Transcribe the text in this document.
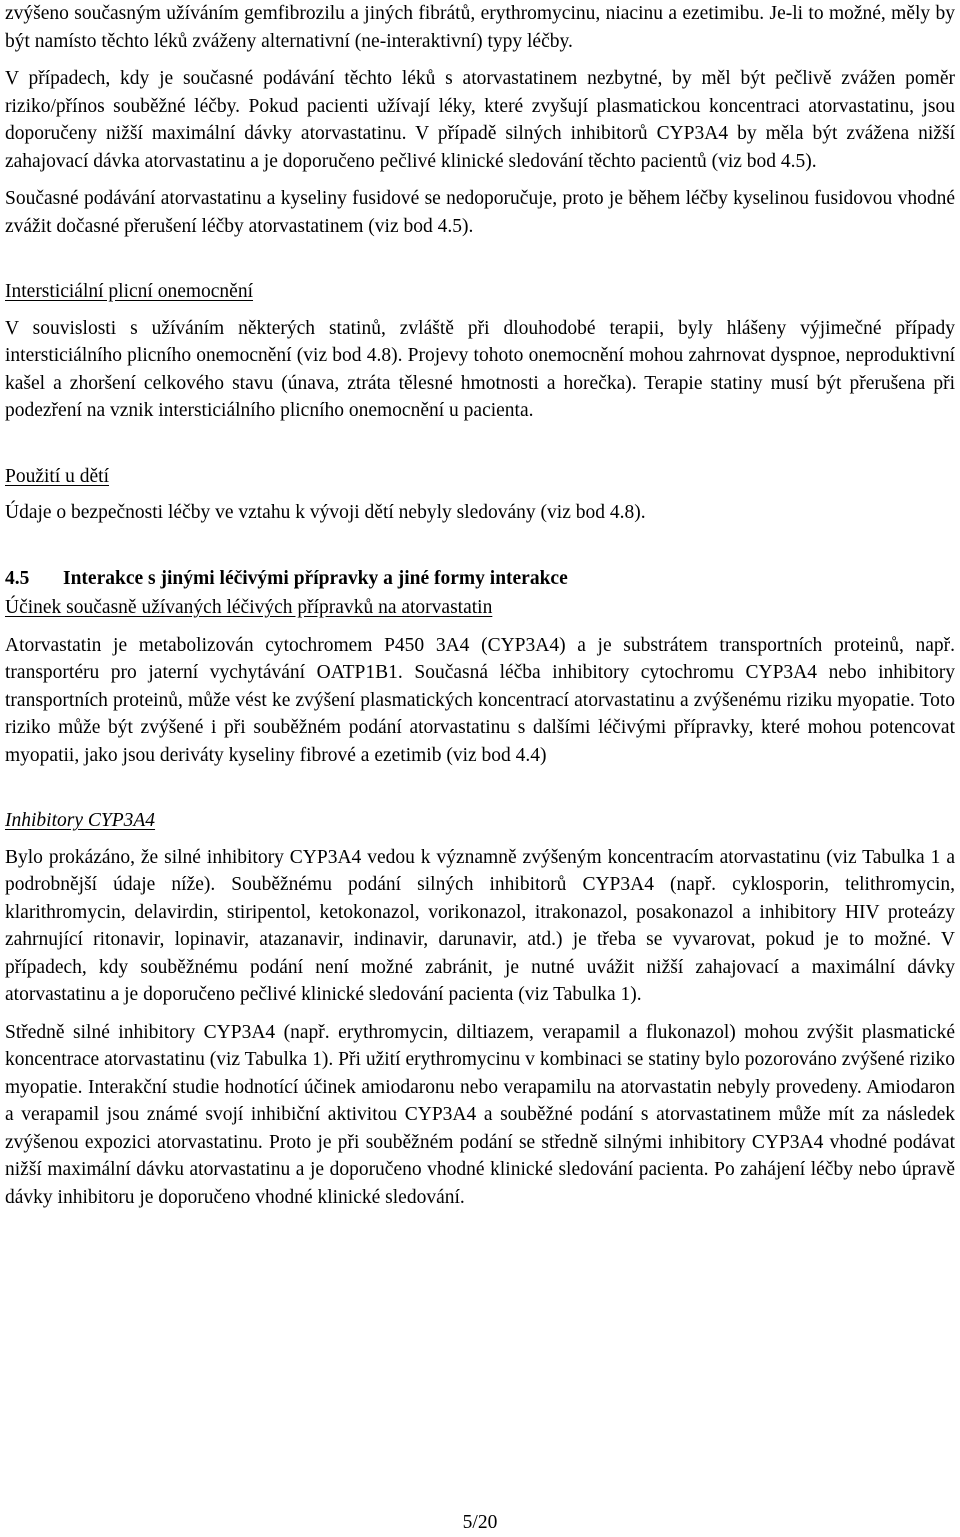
zvýšeno současným užíváním gemfibrozilu a jiných fibrátů, erythromycinu, niacinu a ezetimibu. Je-li to možné, měly by být namísto těchto léků zváženy alternativní (ne-interaktivní) typy léčby.

V případech, kdy je současné podávání těchto léků s atorvastatinem nezbytné, by měl být pečlivě zvážen poměr riziko/přínos souběžné léčby. Pokud pacienti užívají léky, které zvyšují plasmatickou koncentraci atorvastatinu, jsou doporučeny nižší maximální dávky atorvastatinu. V případě silných inhibitorů CYP3A4 by měla být zvážena nižší zahajovací dávka atorvastatinu a je doporučeno pečlivé klinické sledování těchto pacientů (viz bod 4.5).

Současné podávání atorvastatinu a kyseliny fusidové se nedoporučuje, proto je během léčby kyselinou fusidovou vhodné zvážit dočasné přerušení léčby atorvastatinem (viz bod 4.5).

Intersticiální plicní onemocnění

V souvislosti s užíváním některých statinů, zvláště při dlouhodobé terapii, byly hlášeny výjimečné případy intersticiálního plicního onemocnění (viz bod 4.8). Projevy tohoto onemocnění mohou zahrnovat dyspnoe, neproduktivní kašel a zhoršení celkového stavu (únava, ztráta tělesné hmotnosti a horečka). Terapie statiny musí být přerušena při podezření na vznik intersticiálního plicního onemocnění u pacienta.

Použití u dětí

Údaje o bezpečnosti léčby ve vztahu k vývoji dětí nebyly sledovány (viz bod 4.8).

4.5 Interakce s jinými léčivými přípravky a jiné formy interakce
Účinek současně užívaných léčivých přípravků na atorvastatin

Atorvastatin je metabolizován cytochromem P450 3A4 (CYP3A4) a je substrátem transportních proteinů, např. transportéru pro jaterní vychytávání OATP1B1. Současná léčba inhibitory cytochromu CYP3A4 nebo inhibitory transportních proteinů, může vést ke zvýšení plasmatických koncentrací atorvastatinu a zvýšenému riziku myopatie. Toto riziko může být zvýšené i při souběžném podání atorvastatinu s dalšími léčivými přípravky, které mohou potencovat myopatii, jako jsou deriváty kyseliny fibrové a ezetimib (viz bod 4.4)

Inhibitory CYP3A4

Bylo prokázáno, že silné inhibitory CYP3A4 vedou k významně zvýšeným koncentracím atorvastatinu (viz Tabulka 1 a podrobnější údaje níže). Souběžnému podání silných inhibitorů CYP3A4 (např. cyklosporin, telithromycin, klarithromycin, delavirdin, stiripentol, ketokonazol, vorikonazol, itrakonazol, posakonazol a inhibitory HIV proteázy zahrnující ritonavir, lopinavir, atazanavir, indinavir, darunavir, atd.) je třeba se vyvarovat, pokud je to možné. V případech, kdy souběžnému podání není možné zabránit, je nutné uvážit nižší zahajovací a maximální dávky atorvastatinu a je doporučeno pečlivé klinické sledování pacienta (viz Tabulka 1).

Středně silné inhibitory CYP3A4 (např. erythromycin, diltiazem, verapamil a flukonazol) mohou zvýšit plasmatické koncentrace atorvastatinu (viz Tabulka 1). Při užití erythromycinu v kombinaci se statiny bylo pozorováno zvýšené riziko myopatie. Interakční studie hodnotící účinek amiodaronu nebo verapamilu na atorvastatin nebyly provedeny. Amiodaron a verapamil jsou známé svojí inhibiční aktivitou CYP3A4 a souběžné podání s atorvastatinem může mít za následek zvýšenou expozici atorvastatinu. Proto je při souběžném podání se středně silnými inhibitory CYP3A4 vhodné podávat nižší maximální dávku atorvastatinu a je doporučeno vhodné klinické sledování pacienta. Po zahájení léčby nebo úpravě dávky inhibitoru je doporučeno vhodné klinické sledování.

5/20
